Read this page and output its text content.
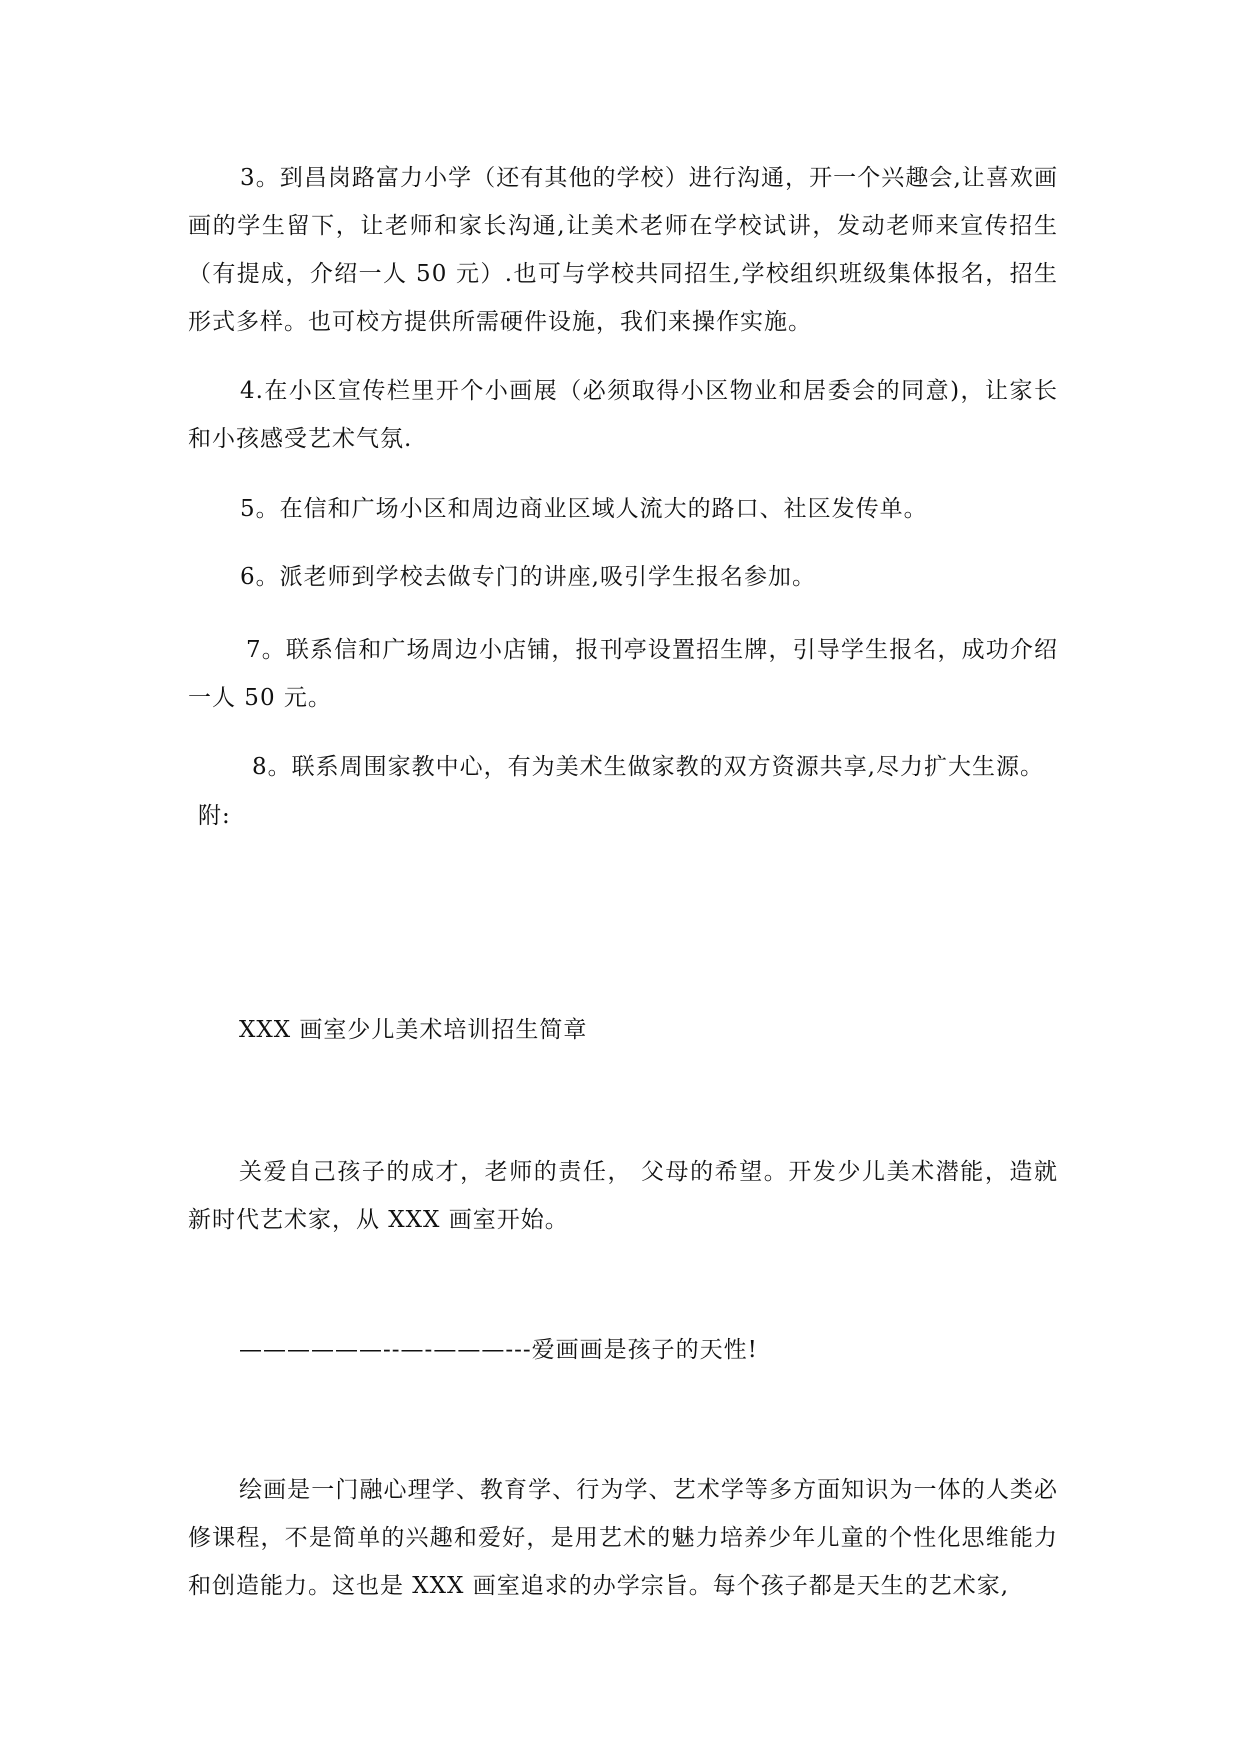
3。到昌岗路富力小学（还有其他的学校）进行沟通，开一个兴趣会,让喜欢画画的学生留下，让老师和家长沟通,让美术老师在学校试讲，发动老师来宣传招生（有提成，介绍一人 50 元）.也可与学校共同招生,学校组织班级集体报名，招生形式多样。也可校方提供所需硬件设施，我们来操作实施。

4.在小区宣传栏里开个小画展（必须取得小区物业和居委会的同意)，让家长和小孩感受艺术气氛.

5。在信和广场小区和周边商业区域人流大的路口、社区发传单。

6。派老师到学校去做专门的讲座,吸引学生报名参加。

7。联系信和广场周边小店铺，报刊亭设置招生牌，引导学生报名，成功介绍一人 50 元。

8。联系周围家教中心，有为美术生做家教的双方资源共享,尽力扩大生源。

附:

XXX 画室少儿美术培训招生简章

关爱自己孩子的成才，老师的责任， 父母的希望。开发少儿美术潜能，造就新时代艺术家，从 XXX 画室开始。

——————--—-———---爱画画是孩子的天性!

绘画是一门融心理学、教育学、行为学、艺术学等多方面知识为一体的人类必修课程，不是简单的兴趣和爱好，是用艺术的魅力培养少年儿童的个性化思维能力和创造能力。这也是 XXX 画室追求的办学宗旨。每个孩子都是天生的艺术家,
